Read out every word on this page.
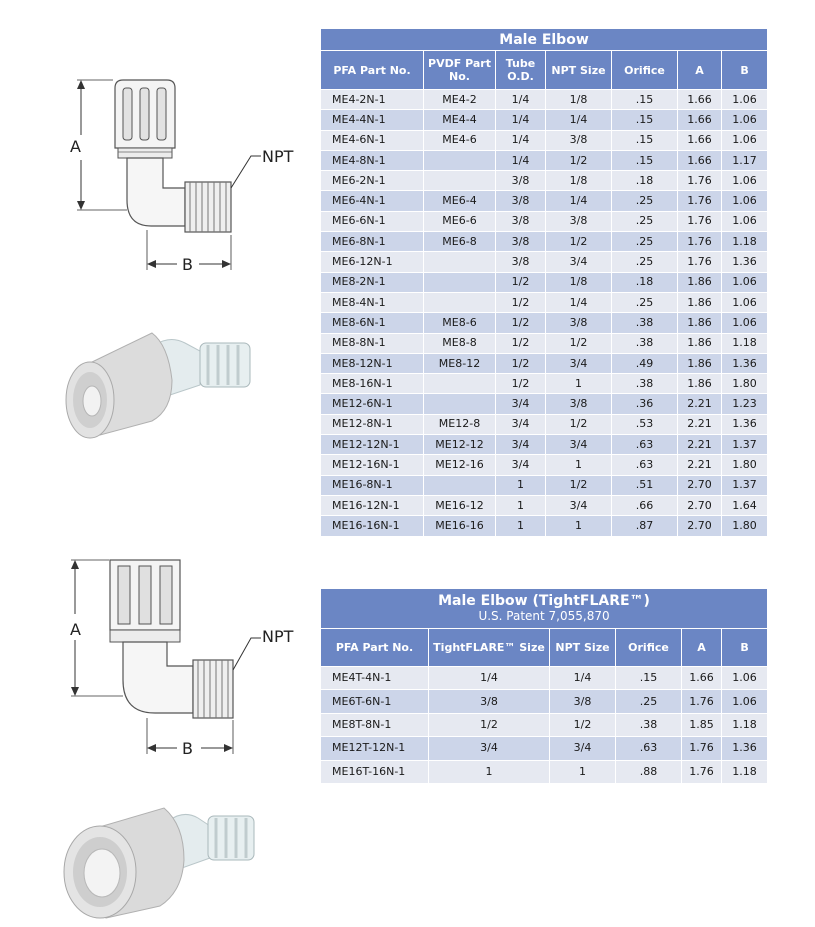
A
B
NPT
A
B
NPT
Male Elbow						
PFA Part No.	PVDF Part No.	Tube O.D.	NPT Size	Orifice	A	B
ME4-2N-1	ME4-2	1/4	1/8	.15	1.66	1.06
ME4-4N-1	ME4-4	1/4	1/4	.15	1.66	1.06
ME4-6N-1	ME4-6	1/4	3/8	.15	1.66	1.06
ME4-8N-1		1/4	1/2	.15	1.66	1.17
ME6-2N-1		3/8	1/8	.18	1.76	1.06
ME6-4N-1	ME6-4	3/8	1/4	.25	1.76	1.06
ME6-6N-1	ME6-6	3/8	3/8	.25	1.76	1.06
ME6-8N-1	ME6-8	3/8	1/2	.25	1.76	1.18
ME6-12N-1		3/8	3/4	.25	1.76	1.36
ME8-2N-1		1/2	1/8	.18	1.86	1.06
ME8-4N-1		1/2	1/4	.25	1.86	1.06
ME8-6N-1	ME8-6	1/2	3/8	.38	1.86	1.06
ME8-8N-1	ME8-8	1/2	1/2	.38	1.86	1.18
ME8-12N-1	ME8-12	1/2	3/4	.49	1.86	1.36
ME8-16N-1		1/2	1	.38	1.86	1.80
ME12-6N-1		3/4	3/8	.36	2.21	1.23
ME12-8N-1	ME12-8	3/4	1/2	.53	2.21	1.36
ME12-12N-1	ME12-12	3/4	3/4	.63	2.21	1.37
ME12-16N-1	ME12-16	3/4	1	.63	2.21	1.80
ME16-8N-1		1	1/2	.51	2.70	1.37
ME16-12N-1	ME16-12	1	3/4	.66	2.70	1.64
ME16-16N-1	ME16-16	1	1	.87	2.70	1.80
Male Elbow (TightFLARE™)
U.S. Patent 7,055,870					

PFA Part No.	TightFLARE™ Size	NPT Size	Orifice	A	B
ME4T-4N-1	1/4	1/4	.15	1.66	1.06
ME6T-6N-1	3/8	3/8	.25	1.76	1.06
ME8T-8N-1	1/2	1/2	.38	1.85	1.18
ME12T-12N-1	3/4	3/4	.63	1.76	1.36
ME16T-16N-1	1	1	.88	1.76	1.18
